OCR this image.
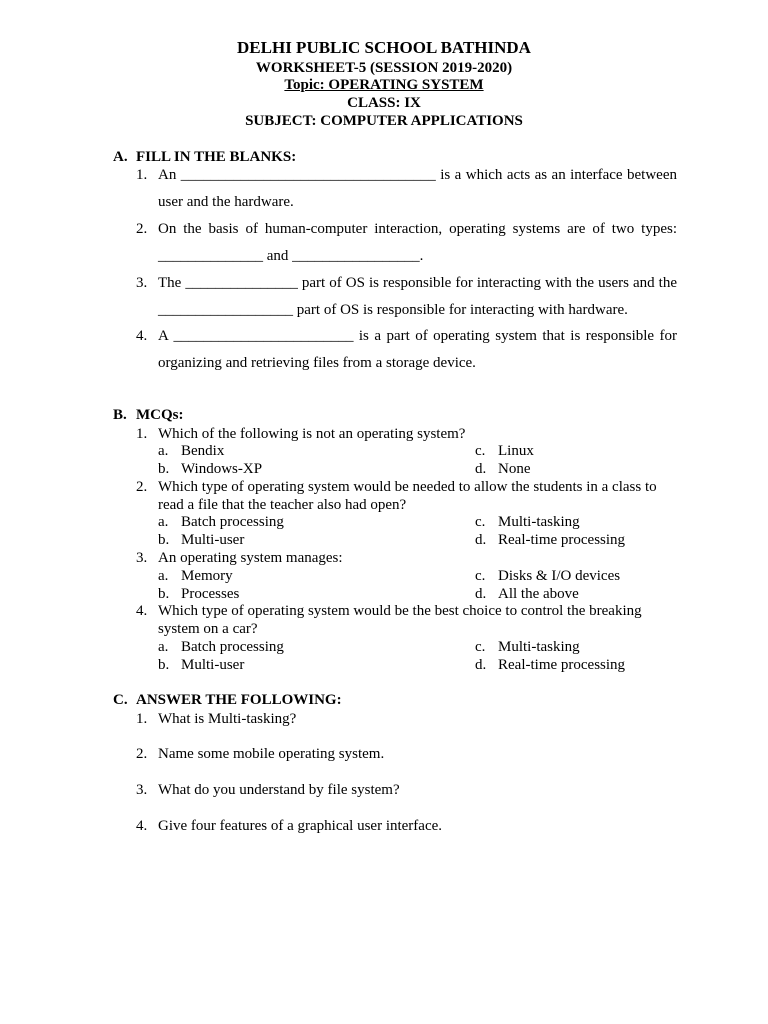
DELHI PUBLIC SCHOOL BATHINDA
WORKSHEET-5 (SESSION 2019-2020)
Topic: OPERATING SYSTEM
CLASS: IX
SUBJECT: COMPUTER APPLICATIONS
A. FILL IN THE BLANKS:
1. An __________________________________ is a which acts as an interface between
user and the hardware.
2. On the basis of human-computer interaction, operating systems are of two types:
______________ and _________________.
3. The _______________ part of OS is responsible for interacting with the users and the
__________________ part of OS is responsible for interacting with hardware.
4. A ________________________ is a part of operating system that is responsible for
organizing and retrieving files from a storage device.
B. MCQs:
1. Which of the following is not an operating system?
a. Bendix	c. Linux
b. Windows-XP	d. None
2. Which type of operating system would be needed to allow the students in a class to
read a file that the teacher also had open?
a. Batch processing	c. Multi-tasking
b. Multi-user	d. Real-time processing
3. An operating system manages:
a. Memory	c. Disks & I/O devices
b. Processes	d. All the above
4. Which type of operating system would be the best choice to control the breaking
system on a car?
a. Batch processing	c. Multi-tasking
b. Multi-user	d. Real-time processing
C. ANSWER THE FOLLOWING:
1. What is Multi-tasking?
2. Name some mobile operating system.
3. What do you understand by file system?
4. Give four features of a graphical user interface.
